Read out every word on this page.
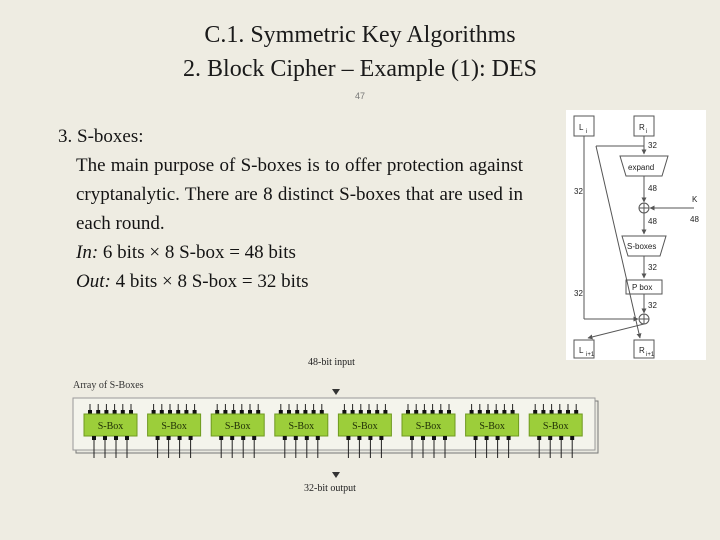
C.1. Symmetric Key Algorithms
2. Block Cipher – Example (1): DES
47

3. S-boxes:

The main purpose of S-boxes is to offer protection against cryptanalytic. There are 8 distinct S-boxes that are used in each round.

In: 6 bits × 8 S-box = 48 bits

Out: 4 bits × 8 S-box = 32 bits

L i	R i
expand
S-boxes
P box
K
48
32
48
48
32
32
32
32
L i+1	R i+1
48-bit input
Array of S-Boxes
S-Box	S-Box	S-Box	S-Box	S-Box	S-Box	S-Box	S-Box
32-bit output
